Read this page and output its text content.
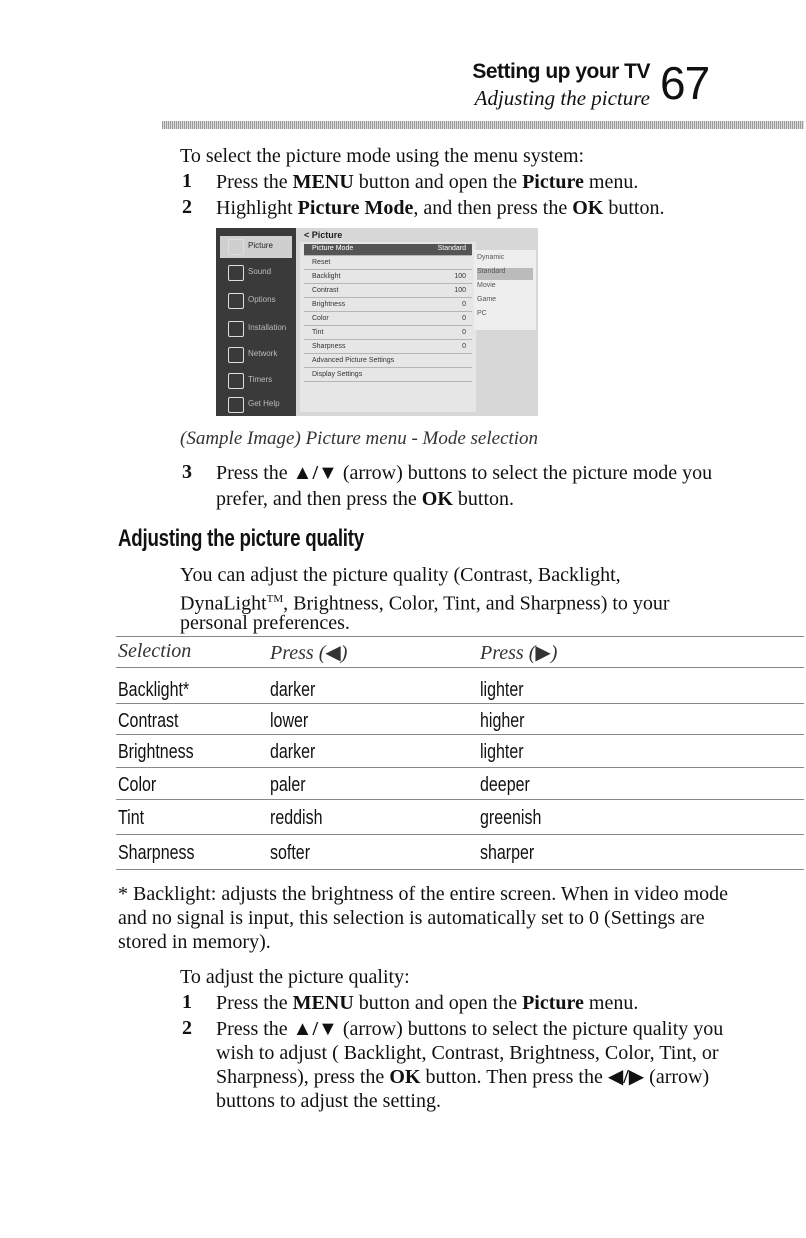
Setting up your TV
Adjusting the picture 67
To select the picture mode using the menu system:
1 Press the MENU button and open the Picture menu.
2 Highlight Picture Mode, and then press the OK button.
Picture
Sound
Options
Installation
Network
Timers
Get Help
< Picture
Picture Mode	Standard
Reset
Backlight	100
Contrast	100
Brightness	0
Color	0
Tint	0
Sharpness	0
Advanced Picture Settings
Display Settings
Dynamic
Standard
Movie
Game
PC
(Sample Image) Picture menu - Mode selection
3 Press the ▲/▼ (arrow) buttons to select the picture mode you
prefer, and then press the OK button.
Adjusting the picture quality
You can adjust the picture quality (Contrast, Backlight,
DynaLight™, Brightness, Color, Tint, and Sharpness) to your
personal preferences.
Selection	Press (◀)	Press (▶)
Backlight*	darker	lighter
Contrast	lower	higher
Brightness	darker	lighter
Color	paler	deeper
Tint	reddish	greenish
Sharpness	softer	sharper
* Backlight: adjusts the brightness of the entire screen. When in video mode
and no signal is input, this selection is automatically set to 0 (Settings are
stored in memory).
To adjust the picture quality:
1 Press the MENU button and open the Picture menu.
2 Press the ▲/▼ (arrow) buttons to select the picture quality you
wish to adjust ( Backlight, Contrast, Brightness, Color, Tint, or
Sharpness), press the OK button. Then press the ◀/▶ (arrow)
buttons to adjust the setting.
